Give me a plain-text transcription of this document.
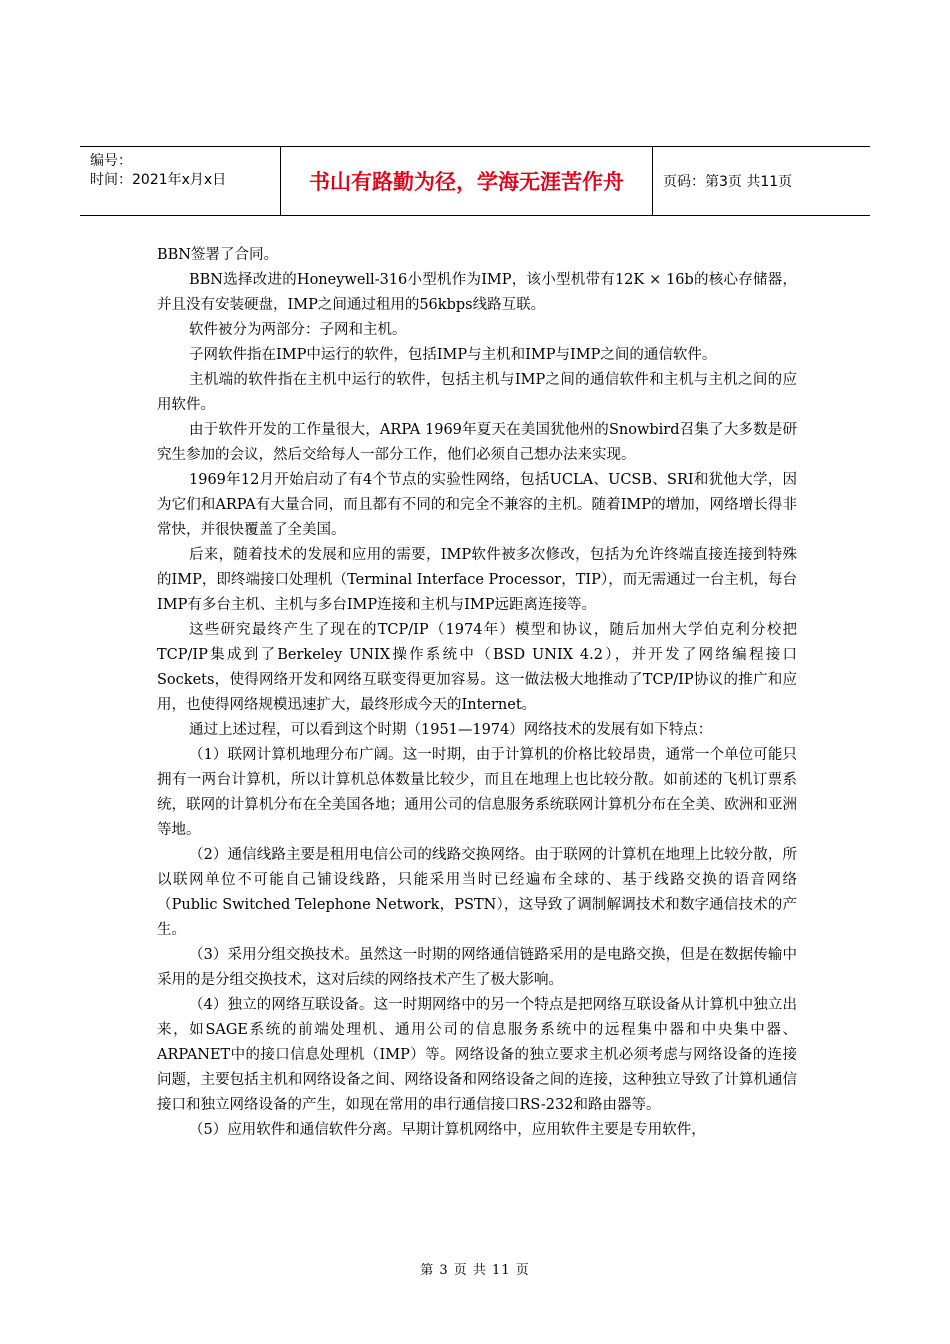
编号：
时间：2021年x月x日	书山有路勤为径，学海无涯苦作舟	页码：第3页 共11页

BBN签署了合同。

BBN选择改进的Honeywell-316小型机作为IMP，该小型机带有12K × 16b的核心存储器，并且没有安装硬盘，IMP之间通过租用的56kbps线路互联。

软件被分为两部分：子网和主机。

子网软件指在IMP中运行的软件，包括IMP与主机和IMP与IMP之间的通信软件。

主机端的软件指在主机中运行的软件，包括主机与IMP之间的通信软件和主机与主机之间的应用软件。

由于软件开发的工作量很大，ARPA 1969年夏天在美国犹他州的Snowbird召集了大多数是研究生参加的会议，然后交给每人一部分工作，他们必须自己想办法来实现。

1969年12月开始启动了有4个节点的实验性网络，包括UCLA、UCSB、SRI和犹他大学，因为它们和ARPA有大量合同，而且都有不同的和完全不兼容的主机。随着IMP的增加，网络增长得非常快，并很快覆盖了全美国。

后来，随着技术的发展和应用的需要，IMP软件被多次修改，包括为允许终端直接连接到特殊的IMP，即终端接口处理机（Terminal Interface Processor，TIP），而无需通过一台主机，每台IMP有多台主机、主机与多台IMP连接和主机与IMP远距离连接等。

这些研究最终产生了现在的TCP/IP（1974年）模型和协议，随后加州大学伯克利分校把TCP/IP集成到了Berkeley UNIX操作系统中（BSD UNIX 4.2），并开发了网络编程接口Sockets，使得网络开发和网络互联变得更加容易。这一做法极大地推动了TCP/IP协议的推广和应用，也使得网络规模迅速扩大，最终形成今天的Internet。

通过上述过程，可以看到这个时期（1951—1974）网络技术的发展有如下特点：

（1）联网计算机地理分布广阔。这一时期，由于计算机的价格比较昂贵，通常一个单位可能只拥有一两台计算机，所以计算机总体数量比较少，而且在地理上也比较分散。如前述的飞机订票系统，联网的计算机分布在全美国各地；通用公司的信息服务系统联网计算机分布在全美、欧洲和亚洲等地。

（2）通信线路主要是租用电信公司的线路交换网络。由于联网的计算机在地理上比较分散，所以联网单位不可能自己铺设线路，只能采用当时已经遍布全球的、基于线路交换的语音网络（Public Switched Telephone Network，PSTN），这导致了调制解调技术和数字通信技术的产生。

（3）采用分组交换技术。虽然这一时期的网络通信链路采用的是电路交换，但是在数据传输中采用的是分组交换技术，这对后续的网络技术产生了极大影响。

（4）独立的网络互联设备。这一时期网络中的另一个特点是把网络互联设备从计算机中独立出来，如SAGE系统的前端处理机、通用公司的信息服务系统中的远程集中器和中央集中器、ARPANET中的接口信息处理机（IMP）等。网络设备的独立要求主机必须考虑与网络设备的连接问题，主要包括主机和网络设备之间、网络设备和网络设备之间的连接，这种独立导致了计算机通信接口和独立网络设备的产生，如现在常用的串行通信接口RS-232和路由器等。

（5）应用软件和通信软件分离。早期计算机网络中，应用软件主要是专用软件，

第 3 页 共 11 页
